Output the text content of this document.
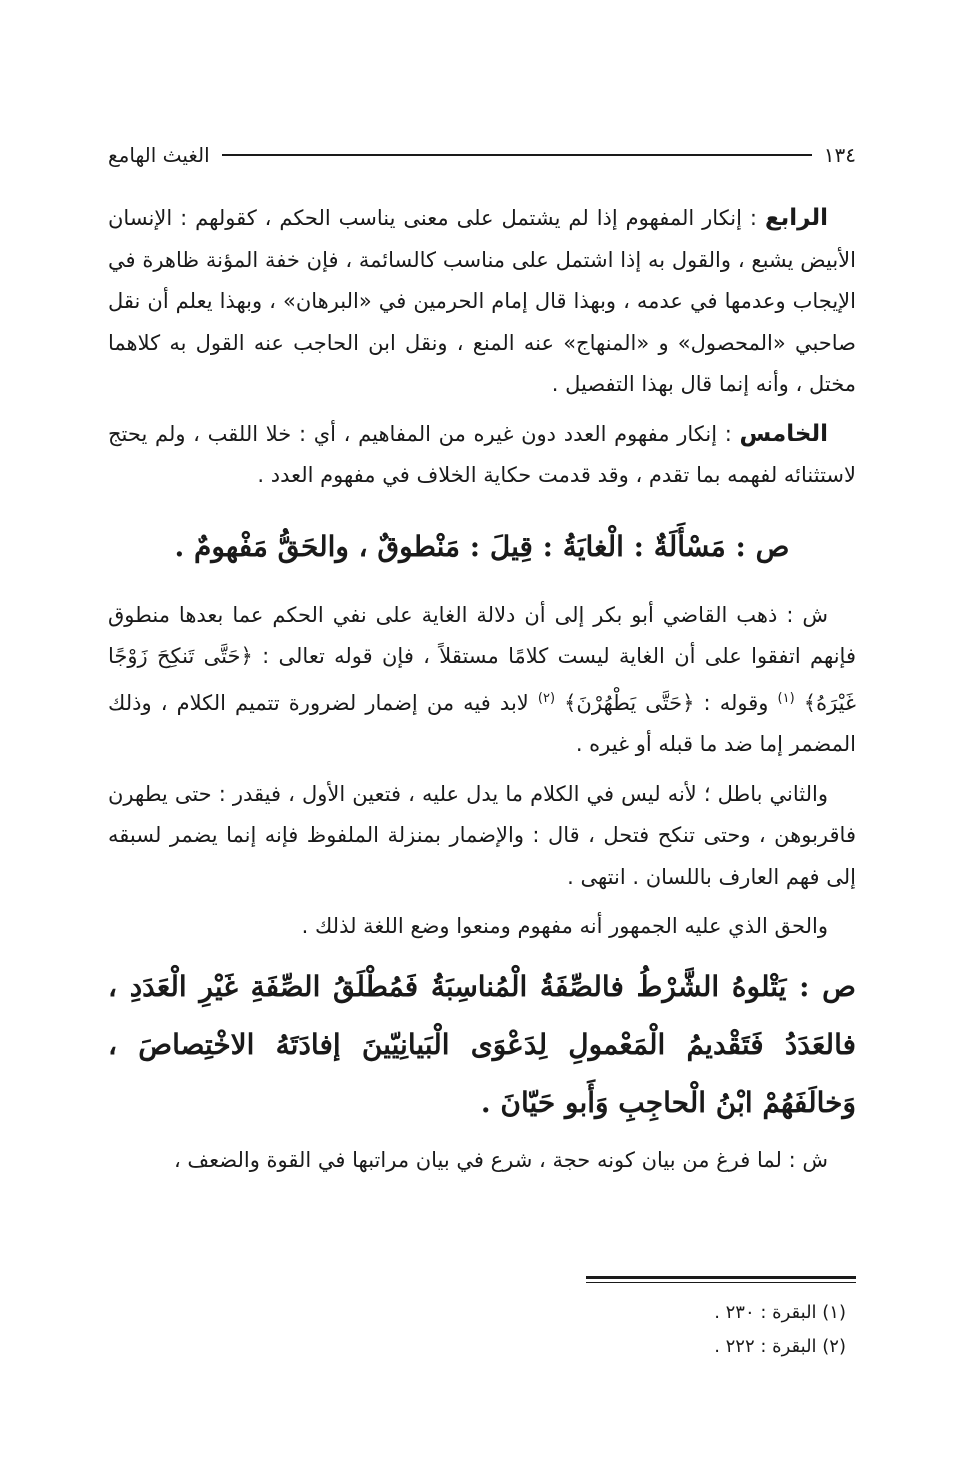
١٣٤
الغيث الهامع

الرابع : إنكار المفهوم إذا لم يشتمل على معنى يناسب الحكم ، كقولهم : الإنسان الأبيض يشبع ، والقول به إذا اشتمل على مناسب كالسائمة ، فإن خفة المؤنة ظاهرة في الإيجاب وعدمها في عدمه ، وبهذا قال إمام الحرمين في «البرهان» ، وبهذا يعلم أن نقل صاحبي «المحصول» و «المنهاج» عنه المنع ، ونقل ابن الحاجب عنه القول به كلاهما مختل ، وأنه إنما قال بهذا التفصيل .

الخامس : إنكار مفهوم العدد دون غيره من المفاهيم ، أي : خلا اللقب ، ولم يحتج لاستثنائه لفهمه بما تقدم ، وقد قدمت حكاية الخلاف في مفهوم العدد .

ص : مَسْأَلَةٌ : الْغايَةُ : قِيلَ : مَنْطوقٌ ، والحَقُّ مَفْهومٌ .

ش : ذهب القاضي أبو بكر إلى أن دلالة الغاية على نفي الحكم عما بعدها منطوق فإنهم اتفقوا على أن الغاية ليست كلامًا مستقلاً ، فإن قوله تعالى : ﴿حَتَّى تَنكِحَ زَوْجًا غَيْرَهُ﴾ $^{(١)}$ وقوله : ﴿حَتَّى يَطْهُرْنَ﴾ $^{(٢)}$ لابد فيه من إضمار لضرورة تتميم الكلام ، وذلك المضمر إما ضد ما قبله أو غيره .

والثاني باطل ؛ لأنه ليس في الكلام ما يدل عليه ، فتعين الأول ، فيقدر : حتى يطهرن فاقربوهن ، وحتى تنكح فتحل ، قال : والإضمار بمنزلة الملفوظ فإنه إنما يضمر لسبقه إلى فهم العارف باللسان . انتهى .

والحق الذي عليه الجمهور أنه مفهوم ومنعوا وضع اللغة لذلك .

ص : يَتْلوهُ الشَّرْطُ فالصِّفَةُ الْمُناسِبَةُ فَمُطْلَقُ الصِّفَةِ غَيْرِ الْعَدَدِ ، فالعَدَدُ فَتَقْديمُ الْمَعْمولِ لِدَعْوَى الْبَيانِيّينَ إفادَتَهُ الاخْتِصاصَ ، وَخالَفَهُمْ ابْنُ الْحاجِبِ وَأَبو حَيّانَ .

ش : لما فرغ من بيان كونه حجة ، شرع في بيان مراتبها في القوة والضعف ،

(١) البقرة : ٢٣٠ .
(٢) البقرة : ٢٢٢ .
